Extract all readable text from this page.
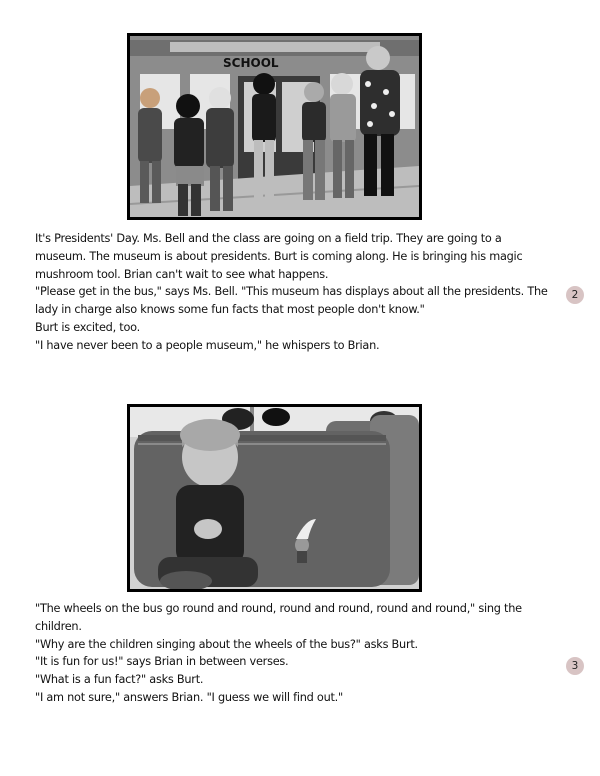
SCHOOL

It's Presidents' Day. Ms. Bell and the class are going on a field trip. They are going to a museum. The museum is about presidents. Burt is coming along. He is bringing his magic mushroom tool. Brian can't wait to see what happens.

"Please get in the bus," says Ms. Bell. "This museum has displays about all the presidents. The lady in charge also knows some fun facts that most people don't know."

Burt is excited, too.

"I have never been to a people museum," he whispers to Brian.

2

"The wheels on the bus go round and round, round and round, round and round," sing the children.

"Why are the children singing about the wheels of the bus?" asks Burt.

"It is fun for us!" says Brian in between verses.

"What is a fun fact?" asks Burt.

"I am not sure," answers Brian. "I guess we will find out."

3
